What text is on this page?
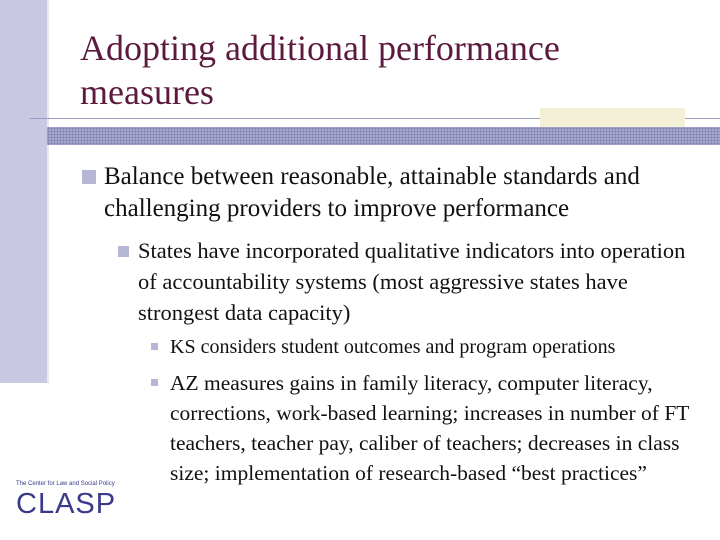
Adopting additional performance measures

Balance between reasonable, attainable standards and challenging providers to improve performance

States have incorporated qualitative indicators into operation of accountability systems (most aggressive states have strongest data capacity)

KS considers student outcomes and program operations

AZ measures gains in family literacy, computer literacy, corrections, work-based learning; increases in number of FT teachers, teacher pay, caliber of teachers; decreases in class size; implementation of research-based “best practices”

The Center for Law and Social Policy
CLASP
